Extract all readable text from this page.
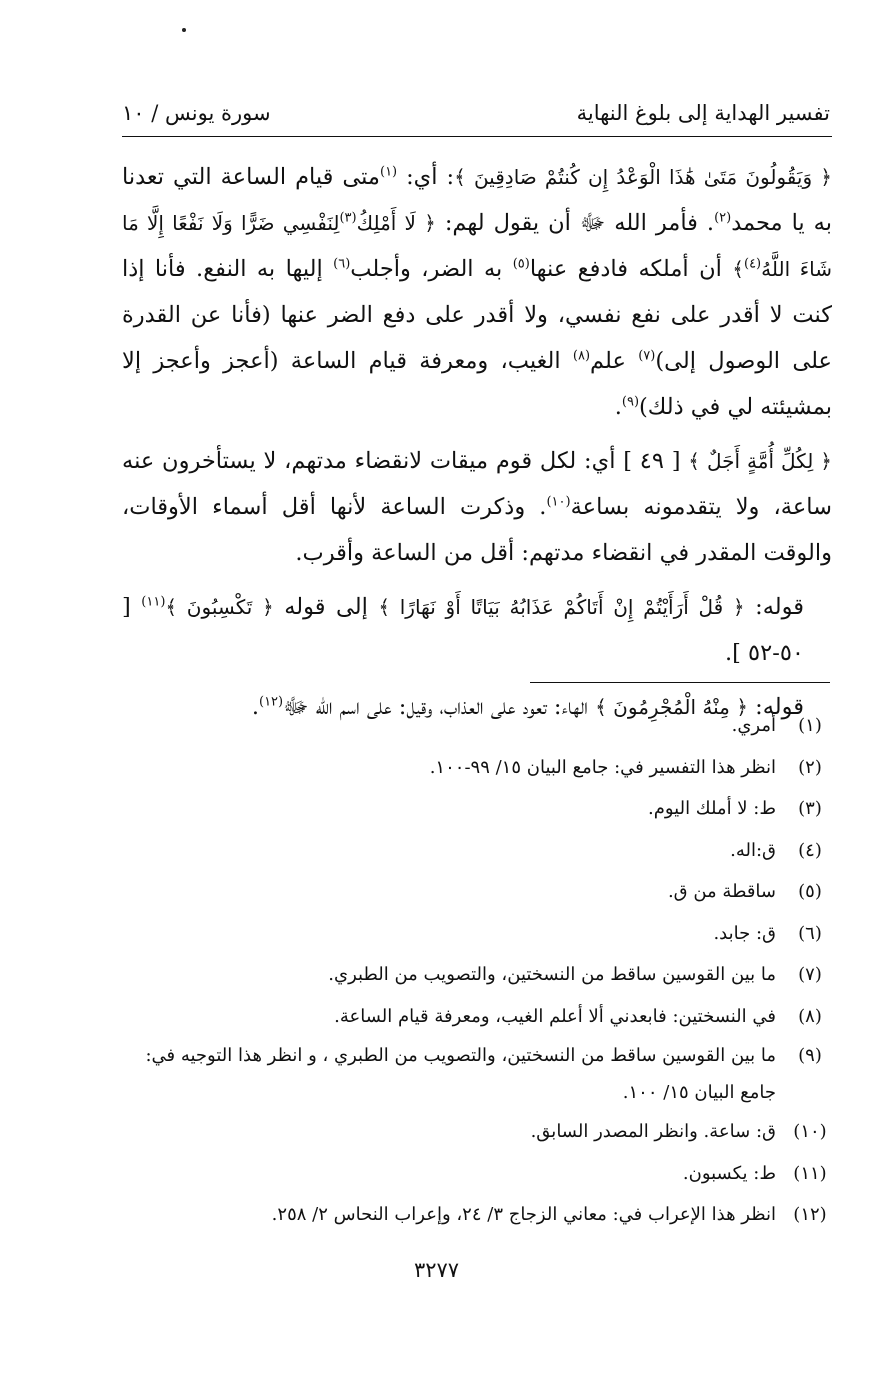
تفسير الهداية إلى بلوغ النهاية
سورة يونس / ١٠

﴿ وَيَقُولُونَ مَتَىٰ هَٰذَا الْوَعْدُ إِن كُنتُمْ صَادِقِينَ ﴾: أي: $^{(١)}$متى قيام الساعة التي تعدنا به يا محمد$^{(٢)}$. فأمر الله ﷻ أن يقول لهم: ﴿ لَا أَمْلِكُ$^{(٣)}$لِنَفْسِي ضَرًّا وَلَا نَفْعًا إِلَّا مَا شَاءَ اللَّهُ$^{(٤)}$﴾ أن أملكه فادفع عنها$^{(٥)}$ به الضر، وأجلب$^{(٦)}$ إليها به النفع. فأنا إذا كنت لا أقدر على نفع نفسي، ولا أقدر على دفع الضر عنها (فأنا عن القدرة على الوصول إلى)$^{(٧)}$ علم$^{(٨)}$ الغيب، ومعرفة قيام الساعة (أعجز وأعجز إلا بمشيئته لي في ذلك)$^{(٩)}$.

﴿ لِكُلِّ أُمَّةٍ أَجَلٌ ﴾ [ ٤٩ ] أي: لكل قوم ميقات لانقضاء مدتهم، لا يستأخرون عنه ساعة، ولا يتقدمونه بساعة$^{(١٠)}$. وذكرت الساعة لأنها أقل أسماء الأوقات، والوقت المقدر في انقضاء مدتهم: أقل من الساعة وأقرب.

قوله: ﴿ قُلْ أَرَأَيْتُمْ إِنْ أَتَاكُمْ عَذَابُهُ بَيَاتًا أَوْ نَهَارًا ﴾ إلى قوله ﴿ تَكْسِبُونَ ﴾$^{(١١)}$ [ ٥٠-٥٢ ].

قوله: ﴿ مِنْهُ الْمُجْرِمُونَ ﴾ الهاء: تعود على العذاب، وقيل: على اسم الله ﷻ$^{(١٢)}$.

(١)
أمري.
(٢)
انظر هذا التفسير في: جامع البيان ١٥/ ٩٩-١٠٠.
(٣)
ط: لا أملك اليوم.
(٤)
ق:اله.
(٥)
ساقطة من ق.
(٦)
ق: جابد.
(٧)
ما بين القوسين ساقط من النسختين، والتصويب من الطبري.
(٨)
في النسختين: فابعدني ألا أعلم الغيب، ومعرفة قيام الساعة.
(٩)
ما بين القوسين ساقط من النسختين، والتصويب من الطبري ، و انظر هذا التوجيه في: جامع البيان ١٥/ ١٠٠.
(١٠)
ق: ساعة. وانظر المصدر السابق.
(١١)
ط: يكسبون.
(١٢)
انظر هذا الإعراب في: معاني الزجاج ٣/ ٢٤، وإعراب النحاس ٢/ ٢٥٨.
٣٢٧٧
